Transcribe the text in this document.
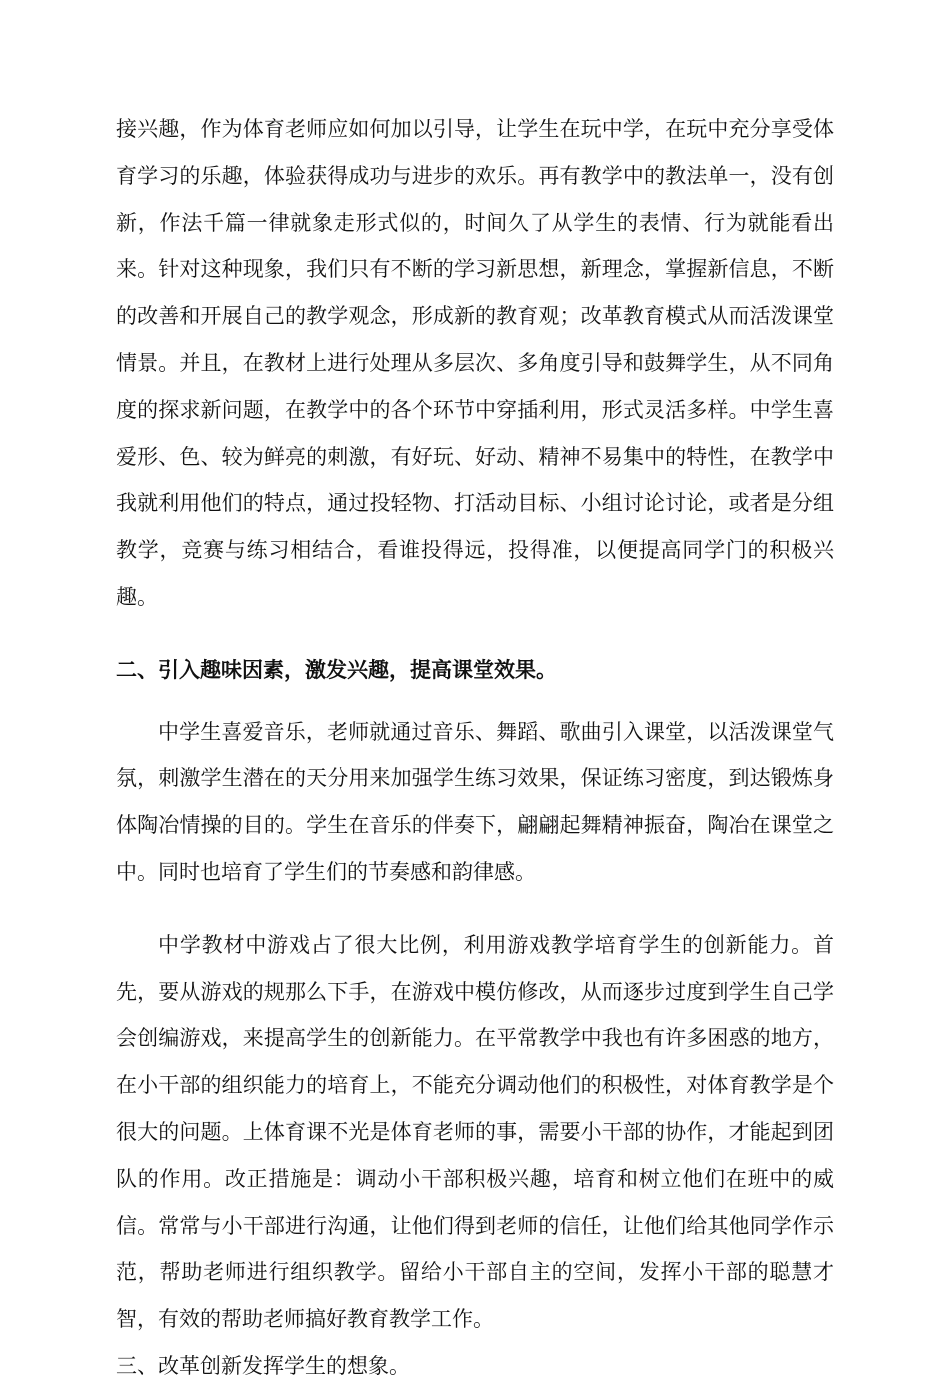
接兴趣，作为体育老师应如何加以引导，让学生在玩中学，在玩中充分享受体育学习的乐趣，体验获得成功与进步的欢乐。再有教学中的教法单一，没有创新，作法千篇一律就象走形式似的，时间久了从学生的表情、行为就能看出来。针对这种现象，我们只有不断的学习新思想，新理念，掌握新信息，不断的改善和开展自己的教学观念，形成新的教育观；改革教育模式从而活泼课堂情景。并且，在教材上进行处理从多层次、多角度引导和鼓舞学生，从不同角度的探求新问题，在教学中的各个环节中穿插利用，形式灵活多样。中学生喜爱形、色、较为鲜亮的刺激，有好玩、好动、精神不易集中的特性，在教学中我就利用他们的特点，通过投轻物、打活动目标、小组讨论讨论，或者是分组教学，竞赛与练习相结合，看谁投得远，投得准，以便提高同学门的积极兴趣。

二、引入趣味因素，激发兴趣，提高课堂效果。

中学生喜爱音乐，老师就通过音乐、舞蹈、歌曲引入课堂，以活泼课堂气氛，刺激学生潜在的天分用来加强学生练习效果，保证练习密度，到达锻炼身体陶冶情操的目的。学生在音乐的伴奏下，翩翩起舞精神振奋，陶冶在课堂之中。同时也培育了学生们的节奏感和韵律感。

中学教材中游戏占了很大比例，利用游戏教学培育学生的创新能力。首先，要从游戏的规那么下手，在游戏中模仿修改，从而逐步过度到学生自己学会创编游戏，来提高学生的创新能力。在平常教学中我也有许多困惑的地方，在小干部的组织能力的培育上，不能充分调动他们的积极性，对体育教学是个很大的问题。上体育课不光是体育老师的事，需要小干部的协作，才能起到团队的作用。改正措施是：调动小干部积极兴趣，培育和树立他们在班中的威信。常常与小干部进行沟通，让他们得到老师的信任，让他们给其他同学作示范，帮助老师进行组织教学。留给小干部自主的空间，发挥小干部的聪慧才智，有效的帮助老师搞好教育教学工作。

三、改革创新发挥学生的想象。
